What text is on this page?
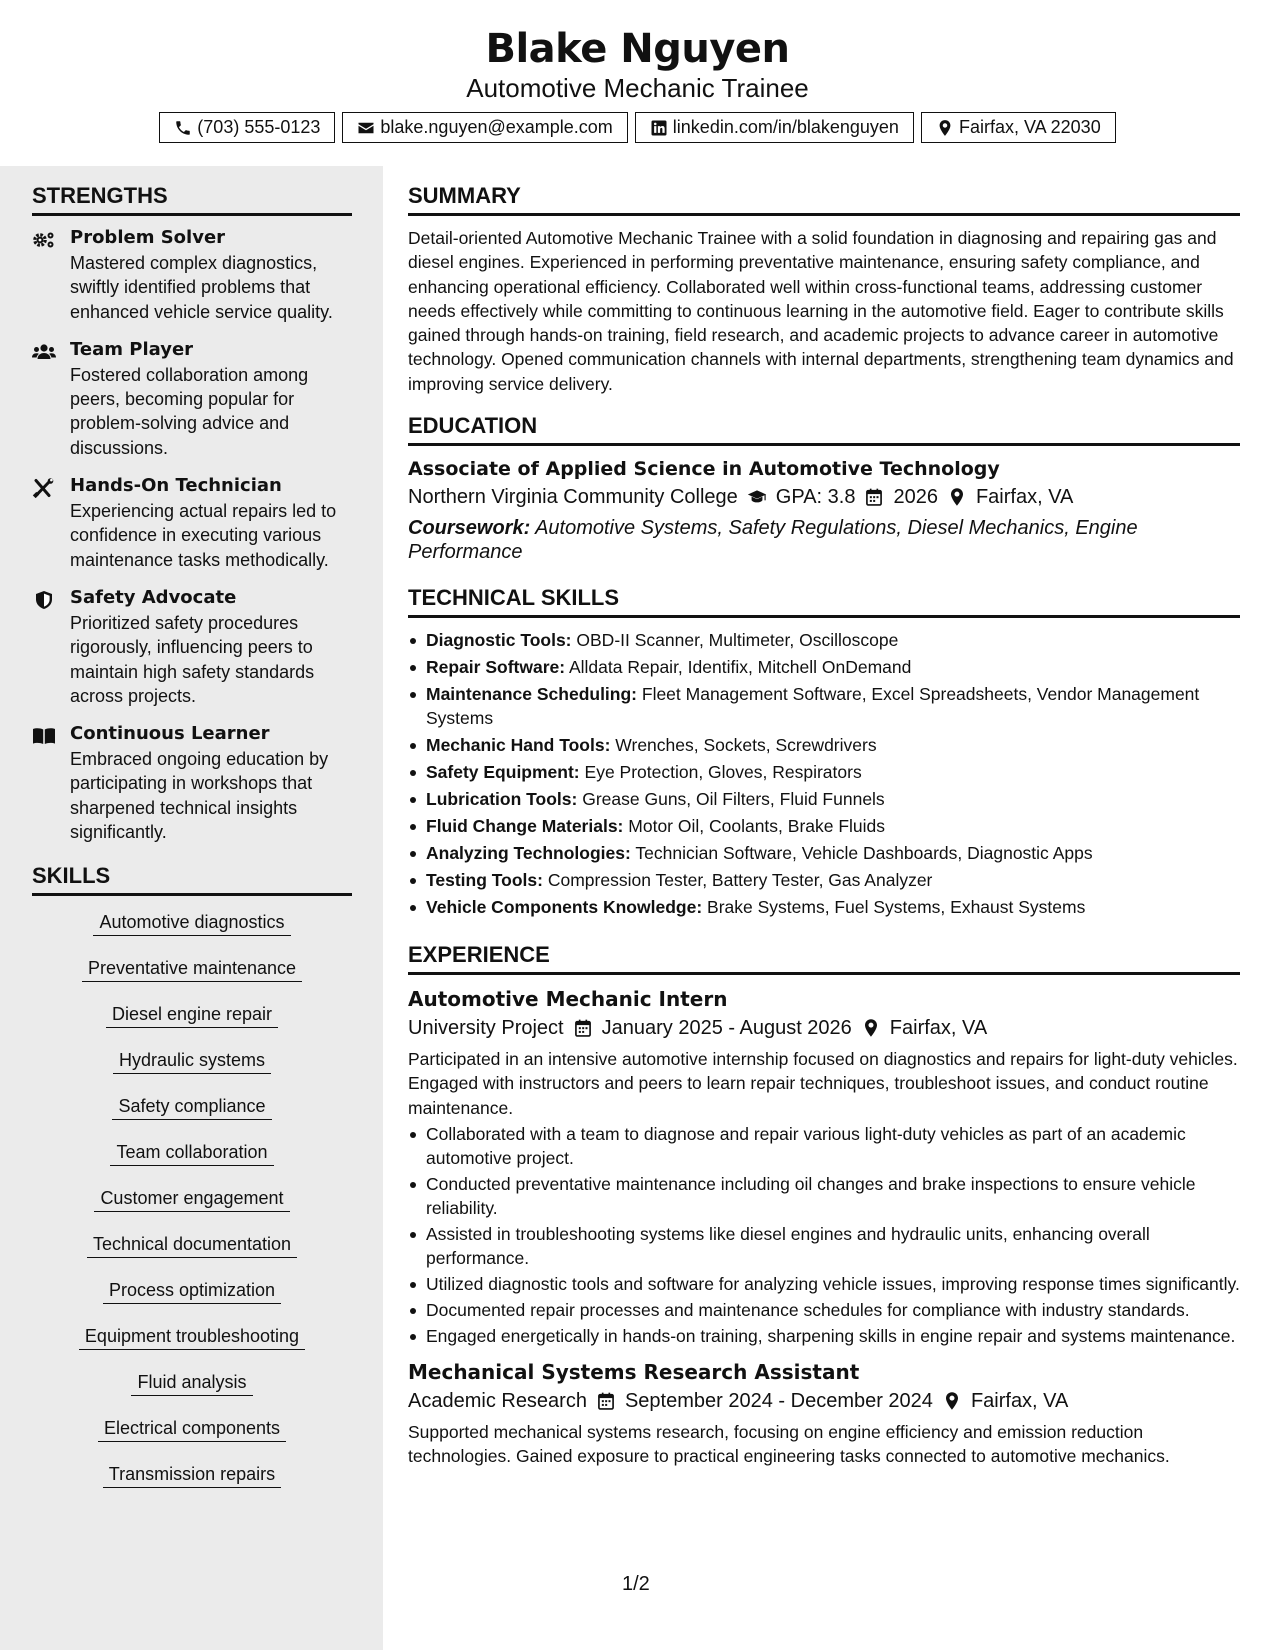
Blake Nguyen
Automotive Mechanic Trainee
(703) 555-0123	blake.nguyen@example.com	linkedin.com/in/blakenguyen	Fairfax, VA 22030
STRENGTHS
Problem Solver
Mastered complex diagnostics, swiftly identified problems that enhanced vehicle service quality.
Team Player
Fostered collaboration among peers, becoming popular for problem-solving advice and discussions.
Hands-On Technician
Experiencing actual repairs led to confidence in executing various maintenance tasks methodically.
Safety Advocate
Prioritized safety procedures rigorously, influencing peers to maintain high safety standards across projects.
Continuous Learner
Embraced ongoing education by participating in workshops that sharpened technical insights significantly.
SKILLS
Automotive diagnostics
Preventative maintenance
Diesel engine repair
Hydraulic systems
Safety compliance
Team collaboration
Customer engagement
Technical documentation
Process optimization
Equipment troubleshooting
Fluid analysis
Electrical components
Transmission repairs
SUMMARY

Detail-oriented Automotive Mechanic Trainee with a solid foundation in diagnosing and repairing gas and diesel engines. Experienced in performing preventative maintenance, ensuring safety compliance, and enhancing operational efficiency. Collaborated well within cross-functional teams, addressing customer needs effectively while committing to continuous learning in the automotive field. Eager to contribute skills gained through hands-on training, field research, and academic projects to advance career in automotive technology. Opened communication channels with internal departments, strengthening team dynamics and improving service delivery.

EDUCATION
Associate of Applied Science in Automotive Technology
Northern Virginia Community College GPA: 3.8 2026 Fairfax, VA
Coursework: Automotive Systems, Safety Regulations, Diesel Mechanics, Engine Performance
TECHNICAL SKILLS
Diagnostic Tools: OBD-II Scanner, Multimeter, Oscilloscope
Repair Software: Alldata Repair, Identifix, Mitchell OnDemand
Maintenance Scheduling: Fleet Management Software, Excel Spreadsheets, Vendor Management Systems
Mechanic Hand Tools: Wrenches, Sockets, Screwdrivers
Safety Equipment: Eye Protection, Gloves, Respirators
Lubrication Tools: Grease Guns, Oil Filters, Fluid Funnels
Fluid Change Materials: Motor Oil, Coolants, Brake Fluids
Analyzing Technologies: Technician Software, Vehicle Dashboards, Diagnostic Apps
Testing Tools: Compression Tester, Battery Tester, Gas Analyzer
Vehicle Components Knowledge: Brake Systems, Fuel Systems, Exhaust Systems
EXPERIENCE
Automotive Mechanic Intern
University Project January 2025 - August 2026 Fairfax, VA
Participated in an intensive automotive internship focused on diagnostics and repairs for light-duty vehicles. Engaged with instructors and peers to learn repair techniques, troubleshoot issues, and conduct routine maintenance.
Collaborated with a team to diagnose and repair various light-duty vehicles as part of an academic automotive project.
Conducted preventative maintenance including oil changes and brake inspections to ensure vehicle reliability.
Assisted in troubleshooting systems like diesel engines and hydraulic units, enhancing overall performance.
Utilized diagnostic tools and software for analyzing vehicle issues, improving response times significantly.
Documented repair processes and maintenance schedules for compliance with industry standards.
Engaged energetically in hands-on training, sharpening skills in engine repair and systems maintenance.
Mechanical Systems Research Assistant
Academic Research September 2024 - December 2024 Fairfax, VA
Supported mechanical systems research, focusing on engine efficiency and emission reduction technologies. Gained exposure to practical engineering tasks connected to automotive mechanics.
1/2
